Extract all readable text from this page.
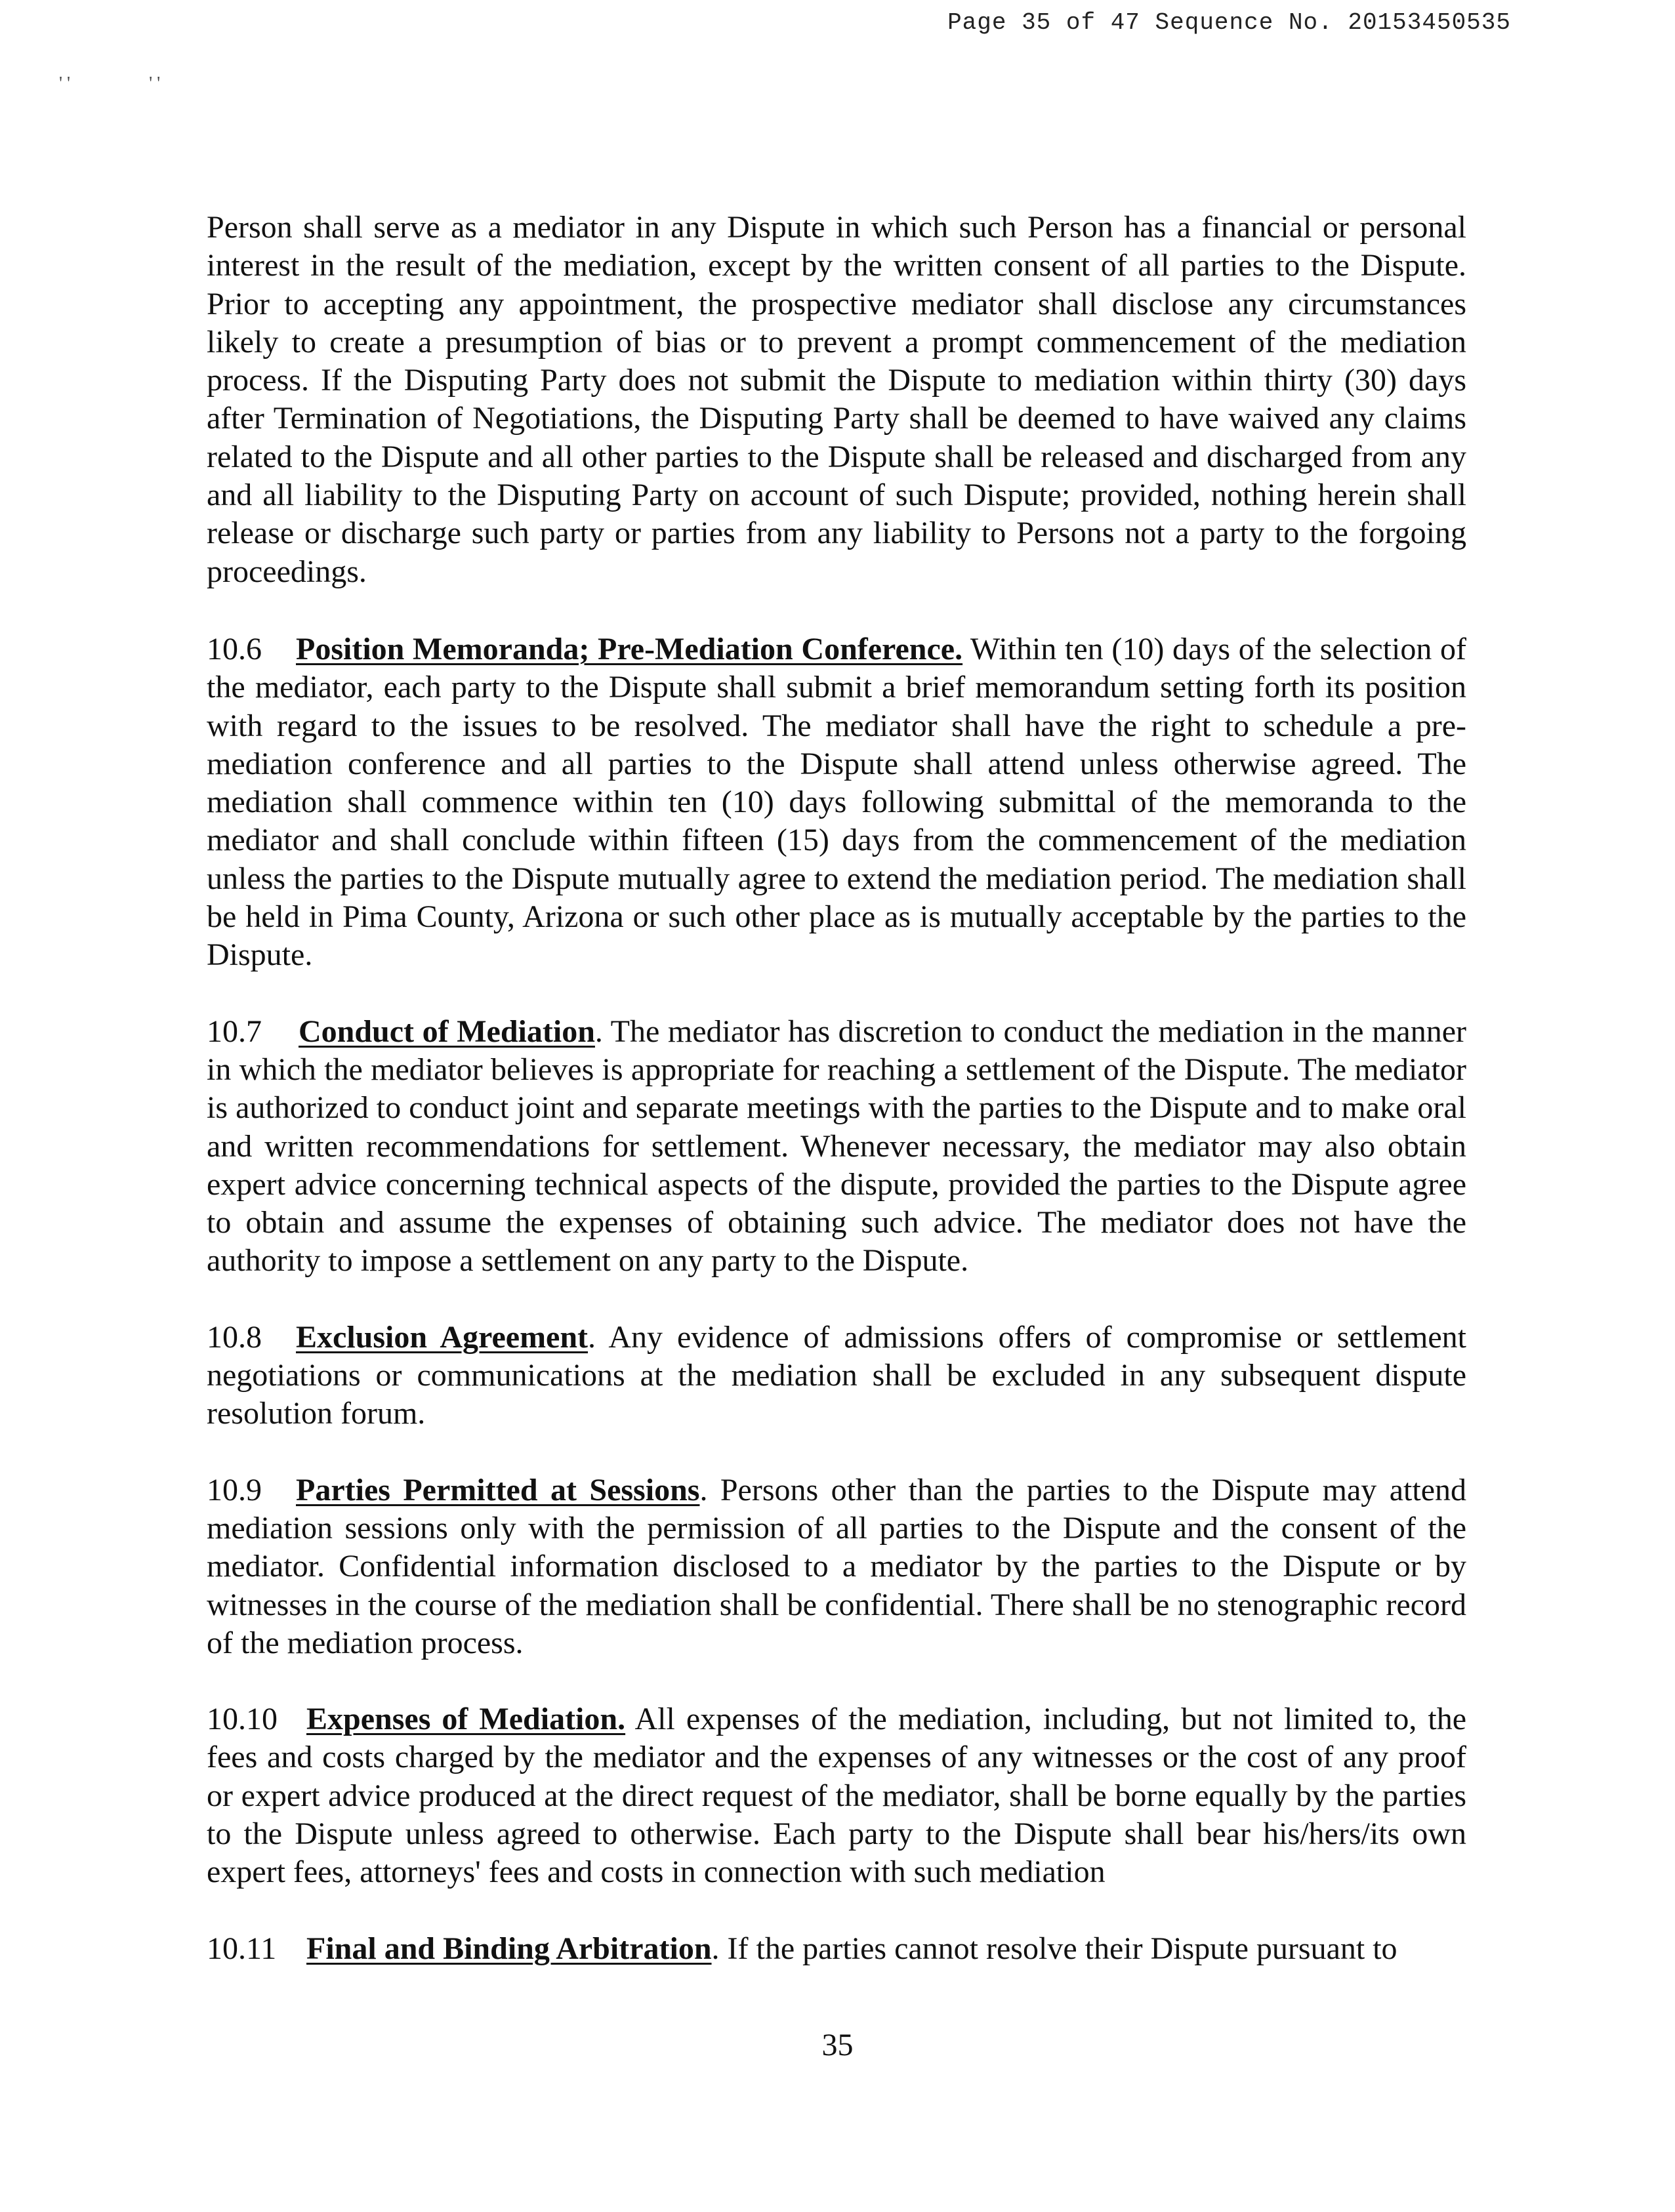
Page 35 of 47 Sequence No. 20153450535
' '	' '

Person shall serve as a mediator in any Dispute in which such Person has a financial or personal interest in the result of the mediation, except by the written consent of all parties to the Dispute. Prior to accepting any appointment, the prospective mediator shall disclose any circumstances likely to create a presumption of bias or to prevent a prompt commencement of the mediation process. If the Disputing Party does not submit the Dispute to mediation within thirty (30) days after Termination of Negotiations, the Disputing Party shall be deemed to have waived any claims related to the Dispute and all other parties to the Dispute shall be released and discharged from any and all liability to the Disputing Party on account of such Dispute; provided, nothing herein shall release or discharge such party or parties from any liability to Persons not a party to the forgoing proceedings.

10.6 Position Memoranda; Pre-Mediation Conference. Within ten (10) days of the selection of the mediator, each party to the Dispute shall submit a brief memorandum setting forth its position with regard to the issues to be resolved. The mediator shall have the right to schedule a pre-mediation conference and all parties to the Dispute shall attend unless otherwise agreed. The mediation shall commence within ten (10) days following submittal of the memoranda to the mediator and shall conclude within fifteen (15) days from the commencement of the mediation unless the parties to the Dispute mutually agree to extend the mediation period. The mediation shall be held in Pima County, Arizona or such other place as is mutually acceptable by the parties to the Dispute.

10.7 Conduct of Mediation. The mediator has discretion to conduct the mediation in the manner in which the mediator believes is appropriate for reaching a settlement of the Dispute. The mediator is authorized to conduct joint and separate meetings with the parties to the Dispute and to make oral and written recommendations for settlement. Whenever necessary, the mediator may also obtain expert advice concerning technical aspects of the dispute, provided the parties to the Dispute agree to obtain and assume the expenses of obtaining such advice. The mediator does not have the authority to impose a settlement on any party to the Dispute.

10.8 Exclusion Agreement. Any evidence of admissions offers of compromise or settlement negotiations or communications at the mediation shall be excluded in any subsequent dispute resolution forum.

10.9 Parties Permitted at Sessions. Persons other than the parties to the Dispute may attend mediation sessions only with the permission of all parties to the Dispute and the consent of the mediator. Confidential information disclosed to a mediator by the parties to the Dispute or by witnesses in the course of the mediation shall be confidential. There shall be no stenographic record of the mediation process.

10.10 Expenses of Mediation. All expenses of the mediation, including, but not limited to, the fees and costs charged by the mediator and the expenses of any witnesses or the cost of any proof or expert advice produced at the direct request of the mediator, shall be borne equally by the parties to the Dispute unless agreed to otherwise. Each party to the Dispute shall bear his/hers/its own expert fees, attorneys' fees and costs in connection with such mediation

10.11 Final and Binding Arbitration. If the parties cannot resolve their Dispute pursuant to

35
